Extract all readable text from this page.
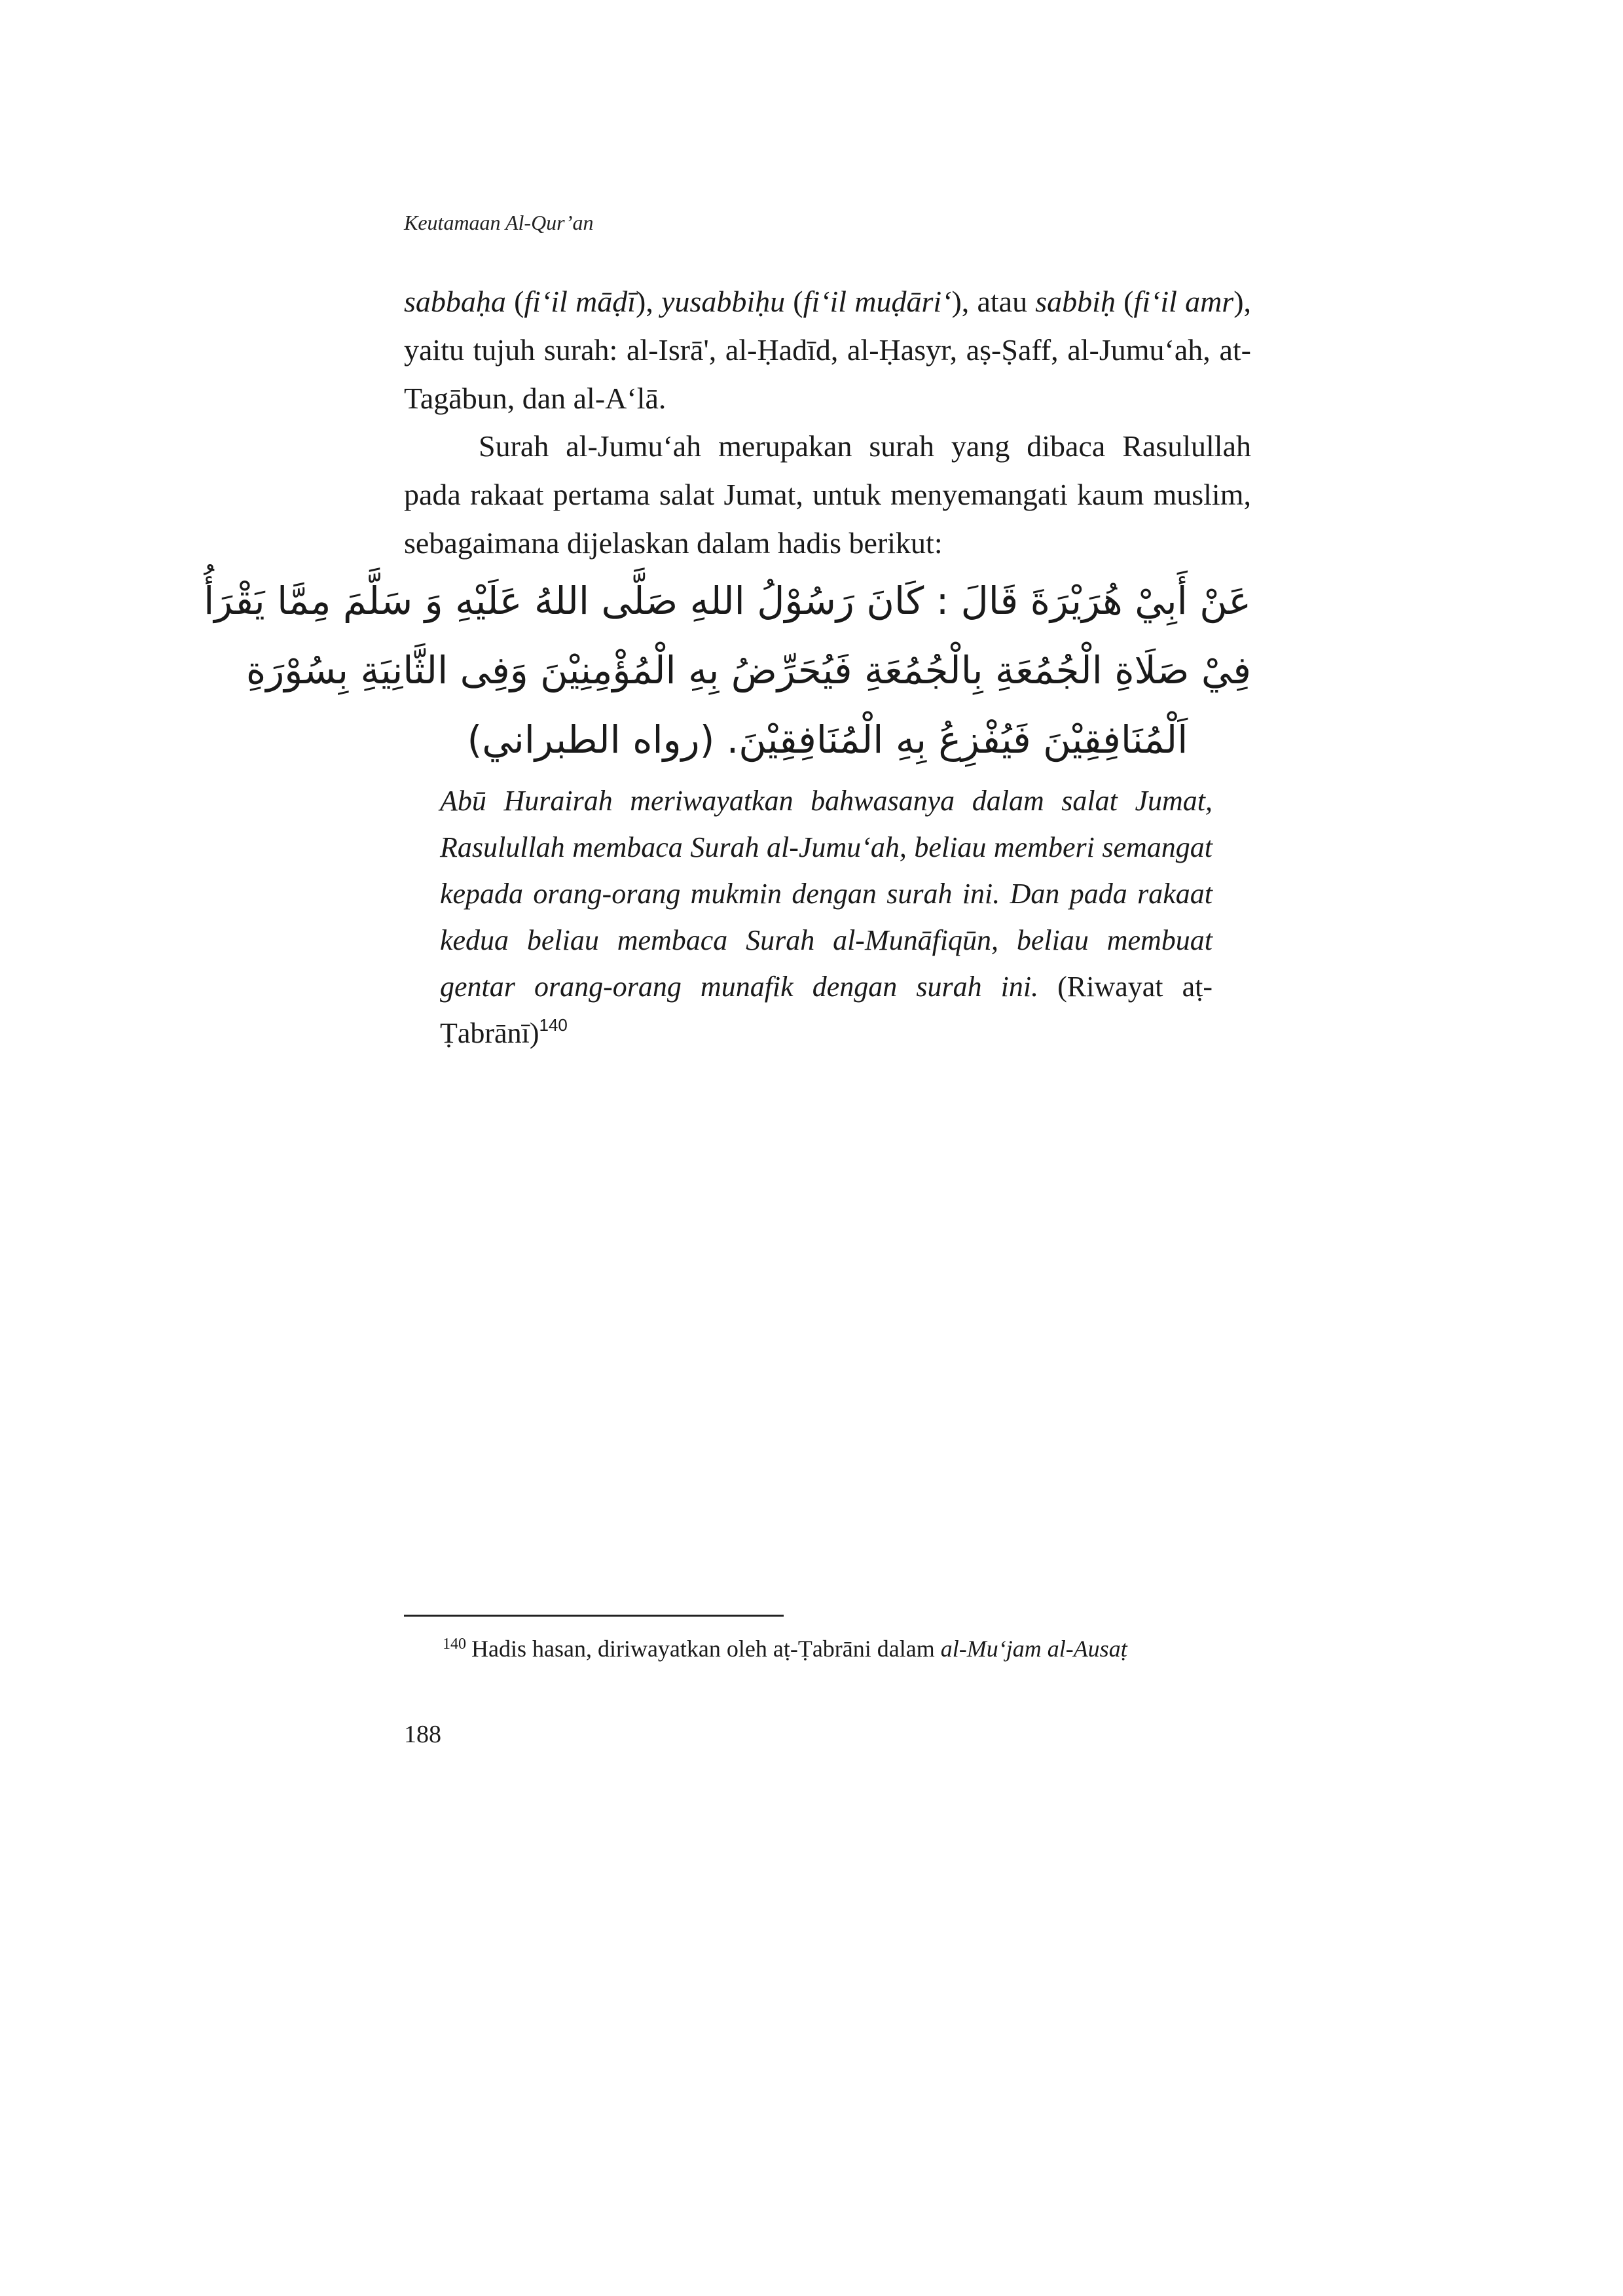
Keutamaan Al-Qur’an

sabbaḥa (fi‘il māḍī), yusabbiḥu (fi‘il muḍāri‘), atau sabbiḥ (fi‘il amr), yaitu tujuh surah: al-Isrā', al-Ḥadīd, al-Ḥasyr, aṣ-Ṣaff, al-Jumu‘ah, at-Tagābun, dan al-A‘lā.

Surah al-Jumu‘ah merupakan surah yang dibaca Rasulullah pada rakaat pertama salat Jumat, untuk menyemangati kaum muslim, sebagaimana dijelaskan dalam hadis berikut:

عَنْ أَبِيْ هُرَيْرَةَ قَالَ : كَانَ رَسُوْلُ اللهِ صَلَّى اللهُ عَلَيْهِ وَ سَلَّمَ مِمَّا يَقْرَأُ
فِيْ صَلَاةِ الْجُمُعَةِ بِالْجُمُعَةِ فَيُحَرِّضُ بِهِ الْمُؤْمِنِيْنَ وَفِى الثَّانِيَةِ بِسُوْرَةِ
اَلْمُنَافِقِيْنَ فَيُفْزِعُ بِهِ الْمُنَافِقِيْنَ. (رواه الطبراني)

Abū Hurairah meriwayatkan bahwasanya dalam salat Jumat, Rasulullah membaca Surah al-Jumu‘ah, beliau memberi semangat kepada orang-orang mukmin dengan surah ini. Dan pada rakaat kedua beliau membaca Surah al-Munāfiqūn, beliau membuat gentar orang-orang munafik dengan surah ini. (Riwayat aṭ-Ṭabrānī)$^{140}$

$^{140}$ Hadis hasan, diriwayatkan oleh aṭ-Ṭabrāni dalam al-Mu‘jam al-Ausaṭ
188
